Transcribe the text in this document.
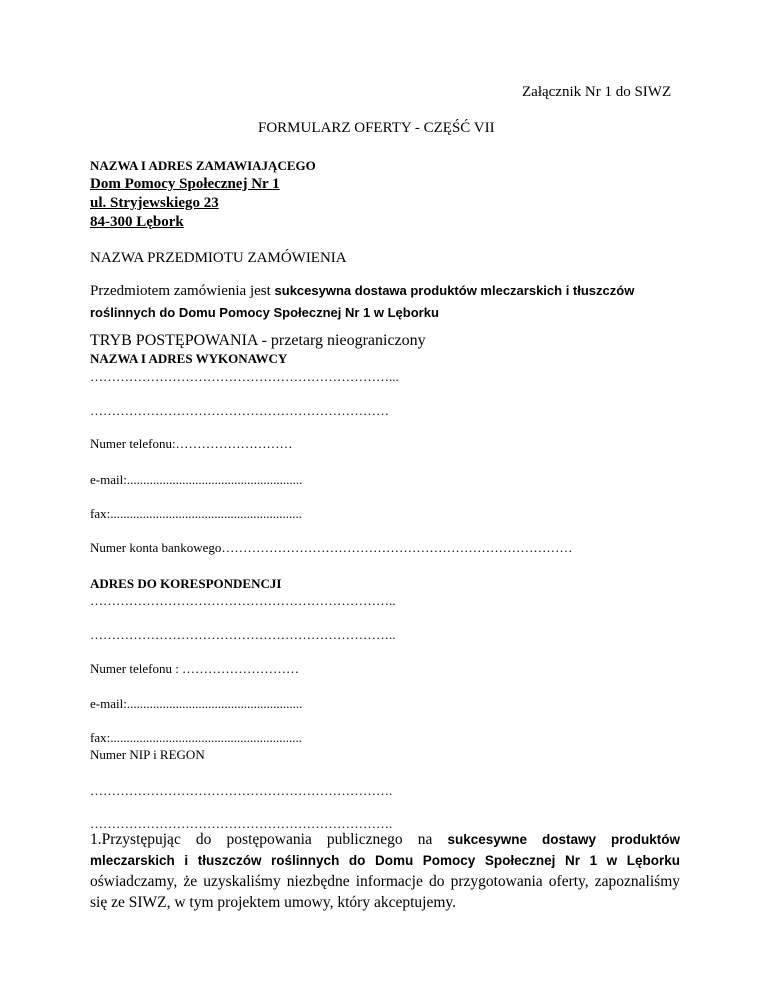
Załącznik Nr 1 do SIWZ
FORMULARZ OFERTY - CZĘŚĆ VII
NAZWA I ADRES ZAMAWIAJĄCEGO
Dom Pomocy Społecznej Nr 1
ul. Stryjewskiego 23
84-300 Lębork
NAZWA PRZEDMIOTU ZAMÓWIENIA
Przedmiotem zamówienia jest sukcesywna dostawa produktów mleczarskich i tłuszczów
roślinnych do Domu Pomocy Społecznej Nr 1 w Lęborku
TRYB POSTĘPOWANIA - przetarg nieograniczony
NAZWA I ADRES WYKONAWCY
……………………………………………………………...
……………………………………………………………
Numer telefonu:………………………
e-mail:......................................................
fax:...........................................................
Numer konta bankowego………………………………………………………………………
ADRES DO KORESPONDENCJI
……………………………………………………………..
……………………………………………………………..
Numer telefonu : ………………………
e-mail:......................................................
fax:...........................................................
Numer NIP i REGON
…………………………………………………………….
…………………………………………………………….
1.Przystępując do postępowania publicznego na sukcesywne dostawy produktów
mleczarskich i tłuszczów roślinnych do Domu Pomocy Społecznej Nr 1 w Lęborku
oświadczamy, że uzyskaliśmy niezbędne informacje do przygotowania oferty, zapoznaliśmy
się ze SIWZ, w tym projektem umowy, który akceptujemy.
